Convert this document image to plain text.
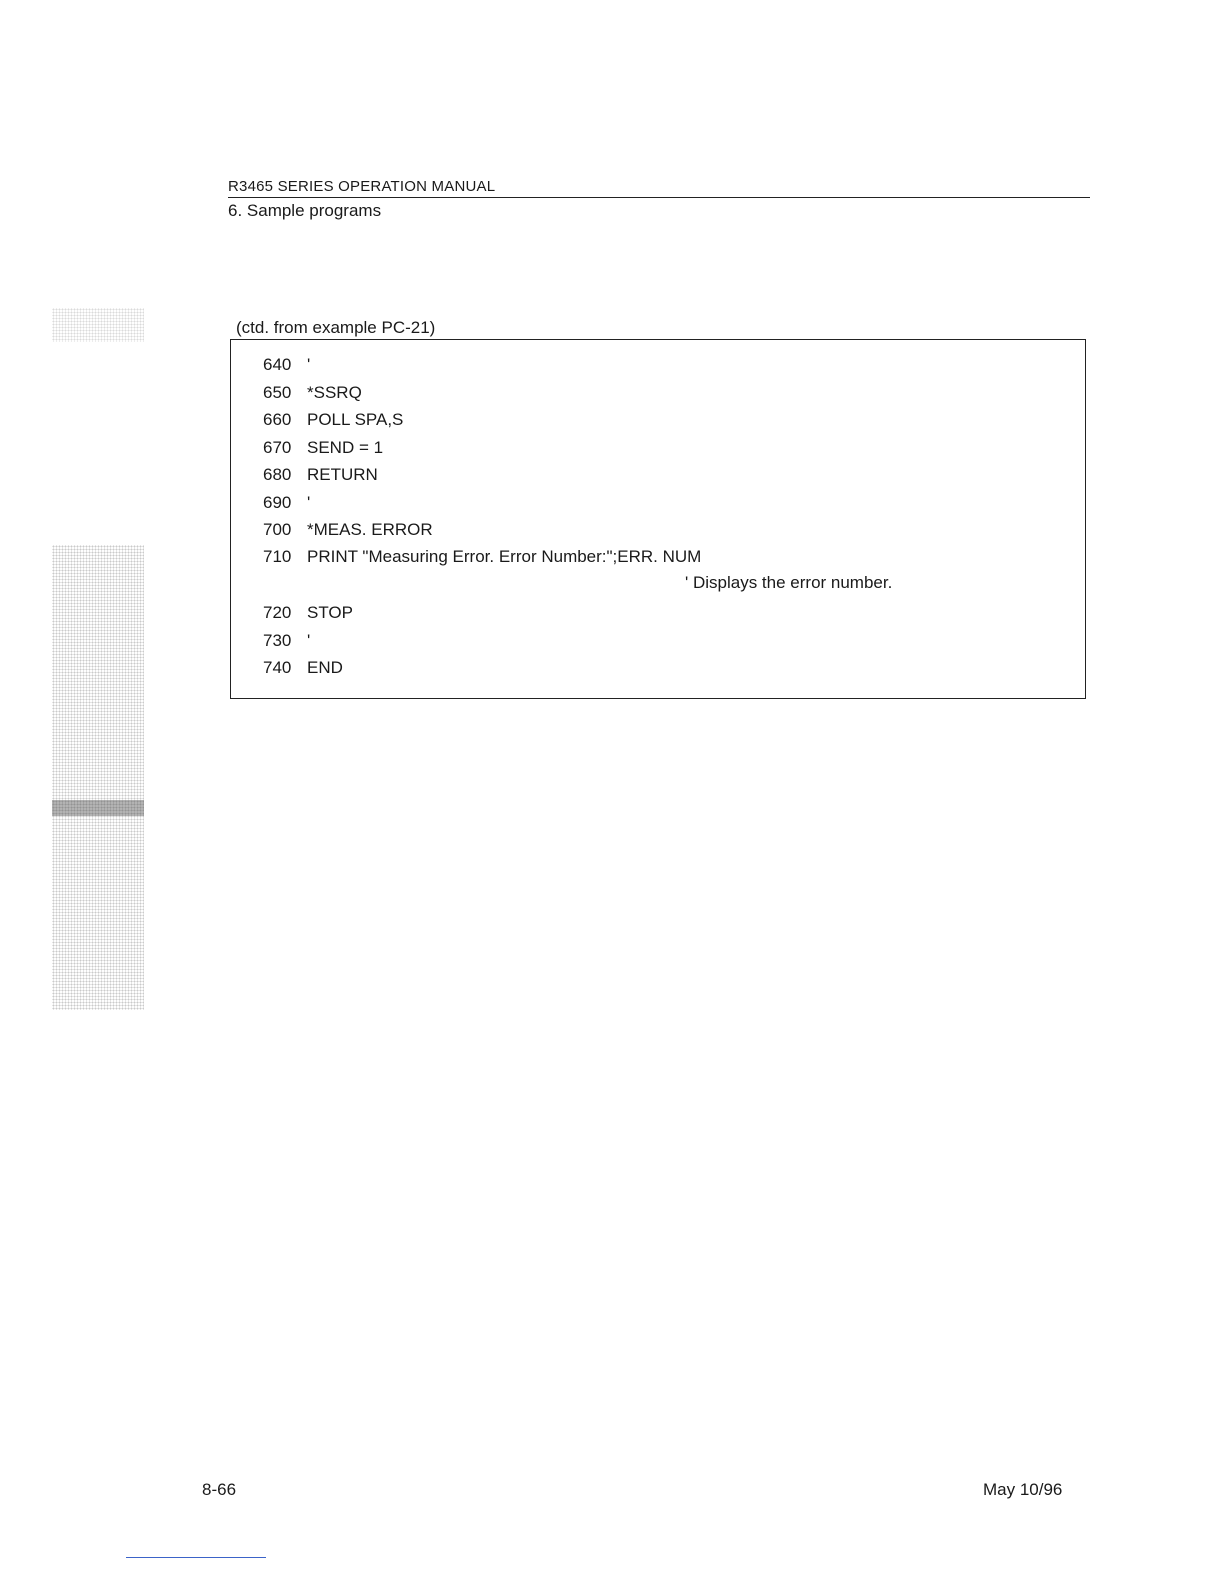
R3465 SERIES OPERATION MANUAL
6. Sample programs
(ctd. from example PC-21)
640 '
650 *SSRQ
660 POLL SPA,S
670 SEND = 1
680 RETURN
690 '
700 *MEAS. ERROR
710 PRINT "Measuring Error. Error Number:";ERR. NUM
' Displays the error number.
720 STOP
730 '
740 END
8-66	May 10/96
